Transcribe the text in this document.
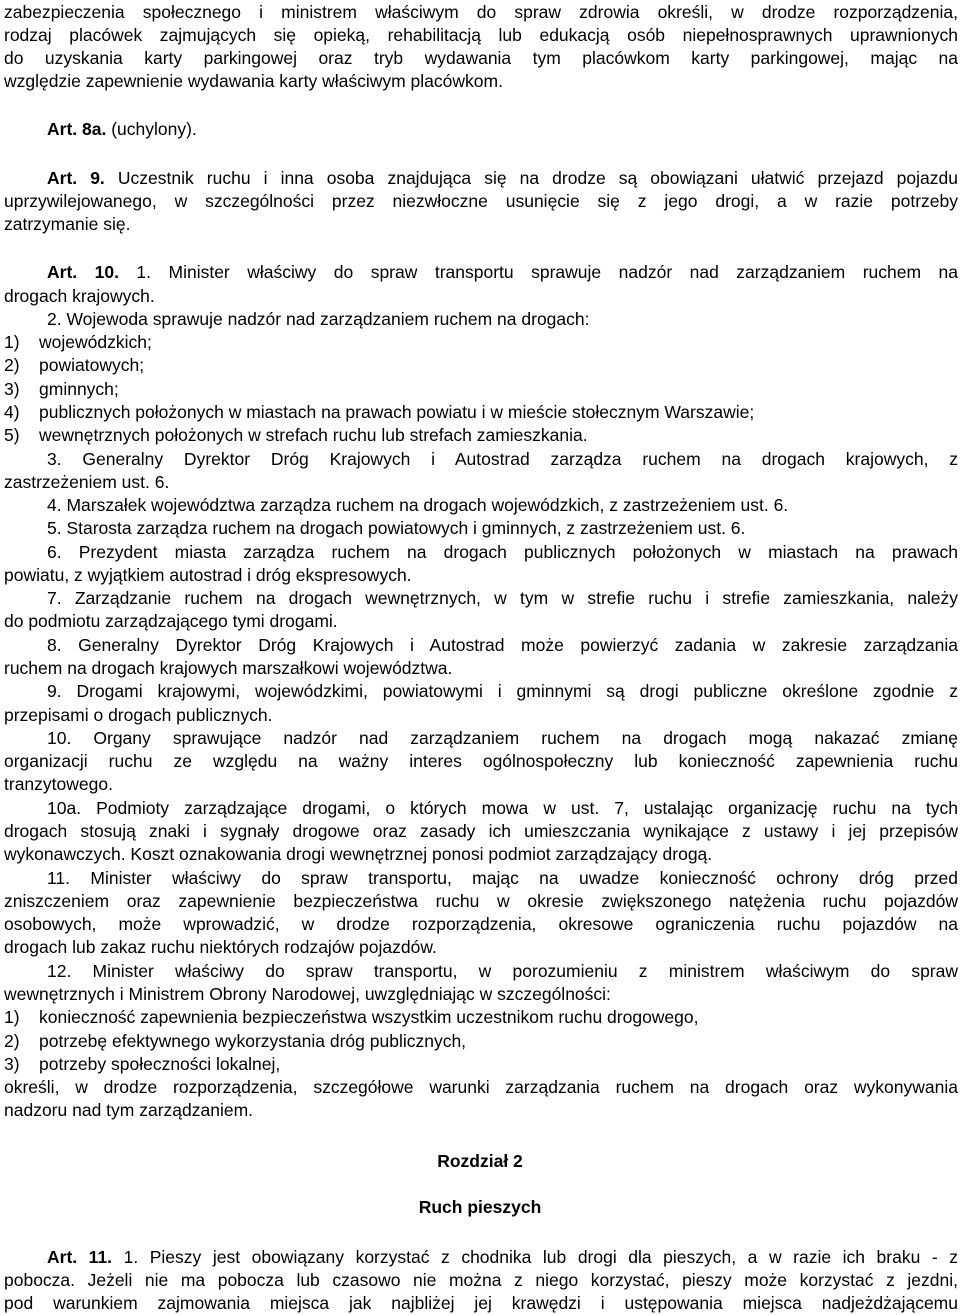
zabezpieczenia społecznego i ministrem właściwym do spraw zdrowia określi, w drodze rozporządzenia,
rodzaj placówek zajmujących się opieką, rehabilitacją lub edukacją osób niepełnosprawnych uprawnionych
do uzyskania karty parkingowej oraz tryb wydawania tym placówkom karty parkingowej, mając na
względzie zapewnienie wydawania karty właściwym placówkom.
Art. 8a. (uchylony).
Art. 9. Uczestnik ruchu i inna osoba znajdująca się na drodze są obowiązani ułatwić przejazd pojazdu
uprzywilejowanego, w szczególności przez niezwłoczne usunięcie się z jego drogi, a w razie potrzeby
zatrzymanie się.
Art. 10. 1. Minister właściwy do spraw transportu sprawuje nadzór nad zarządzaniem ruchem na
drogach krajowych.
2. Wojewoda sprawuje nadzór nad zarządzaniem ruchem na drogach:
1)    wojewódzkich;
2)    powiatowych;
3)    gminnych;
4)    publicznych położonych w miastach na prawach powiatu i w mieście stołecznym Warszawie;
5)    wewnętrznych położonych w strefach ruchu lub strefach zamieszkania.
3. Generalny Dyrektor Dróg Krajowych i Autostrad zarządza ruchem na drogach krajowych, z
zastrzeżeniem ust. 6.
4. Marszałek województwa zarządza ruchem na drogach wojewódzkich, z zastrzeżeniem ust. 6.
5. Starosta zarządza ruchem na drogach powiatowych i gminnych, z zastrzeżeniem ust. 6.
6. Prezydent miasta zarządza ruchem na drogach publicznych położonych w miastach na prawach
powiatu, z wyjątkiem autostrad i dróg ekspresowych.
7. Zarządzanie ruchem na drogach wewnętrznych, w tym w strefie ruchu i strefie zamieszkania, należy
do podmiotu zarządzającego tymi drogami.
8. Generalny Dyrektor Dróg Krajowych i Autostrad może powierzyć zadania w zakresie zarządzania
ruchem na drogach krajowych marszałkowi województwa.
9. Drogami krajowymi, wojewódzkimi, powiatowymi i gminnymi są drogi publiczne określone zgodnie z
przepisami o drogach publicznych.
10. Organy sprawujące nadzór nad zarządzaniem ruchem na drogach mogą nakazać zmianę
organizacji ruchu ze względu na ważny interes ogólnospołeczny lub konieczność zapewnienia ruchu
tranzytowego.
10a. Podmioty zarządzające drogami, o których mowa w ust. 7, ustalając organizację ruchu na tych
drogach stosują znaki i sygnały drogowe oraz zasady ich umieszczania wynikające z ustawy i jej przepisów
wykonawczych. Koszt oznakowania drogi wewnętrznej ponosi podmiot zarządzający drogą.
11. Minister właściwy do spraw transportu, mając na uwadze konieczność ochrony dróg przed
zniszczeniem oraz zapewnienie bezpieczeństwa ruchu w okresie zwiększonego natężenia ruchu pojazdów
osobowych, może wprowadzić, w drodze rozporządzenia, okresowe ograniczenia ruchu pojazdów na
drogach lub zakaz ruchu niektórych rodzajów pojazdów.
12. Minister właściwy do spraw transportu, w porozumieniu z ministrem właściwym do spraw
wewnętrznych i Ministrem Obrony Narodowej, uwzględniając w szczególności:
1)    konieczność zapewnienia bezpieczeństwa wszystkim uczestnikom ruchu drogowego,
2)    potrzebę efektywnego wykorzystania dróg publicznych,
3)    potrzeby społeczności lokalnej,
określi, w drodze rozporządzenia, szczegółowe warunki zarządzania ruchem na drogach oraz wykonywania
nadzoru nad tym zarządzaniem.
Rozdział 2
Ruch pieszych
Art. 11. 1. Pieszy jest obowiązany korzystać z chodnika lub drogi dla pieszych, a w razie ich braku - z
pobocza. Jeżeli nie ma pobocza lub czasowo nie można z niego korzystać, pieszy może korzystać z jezdni,
pod warunkiem zajmowania miejsca jak najbliżej jej krawędzi i ustępowania miejsca nadjeżdżającemu
